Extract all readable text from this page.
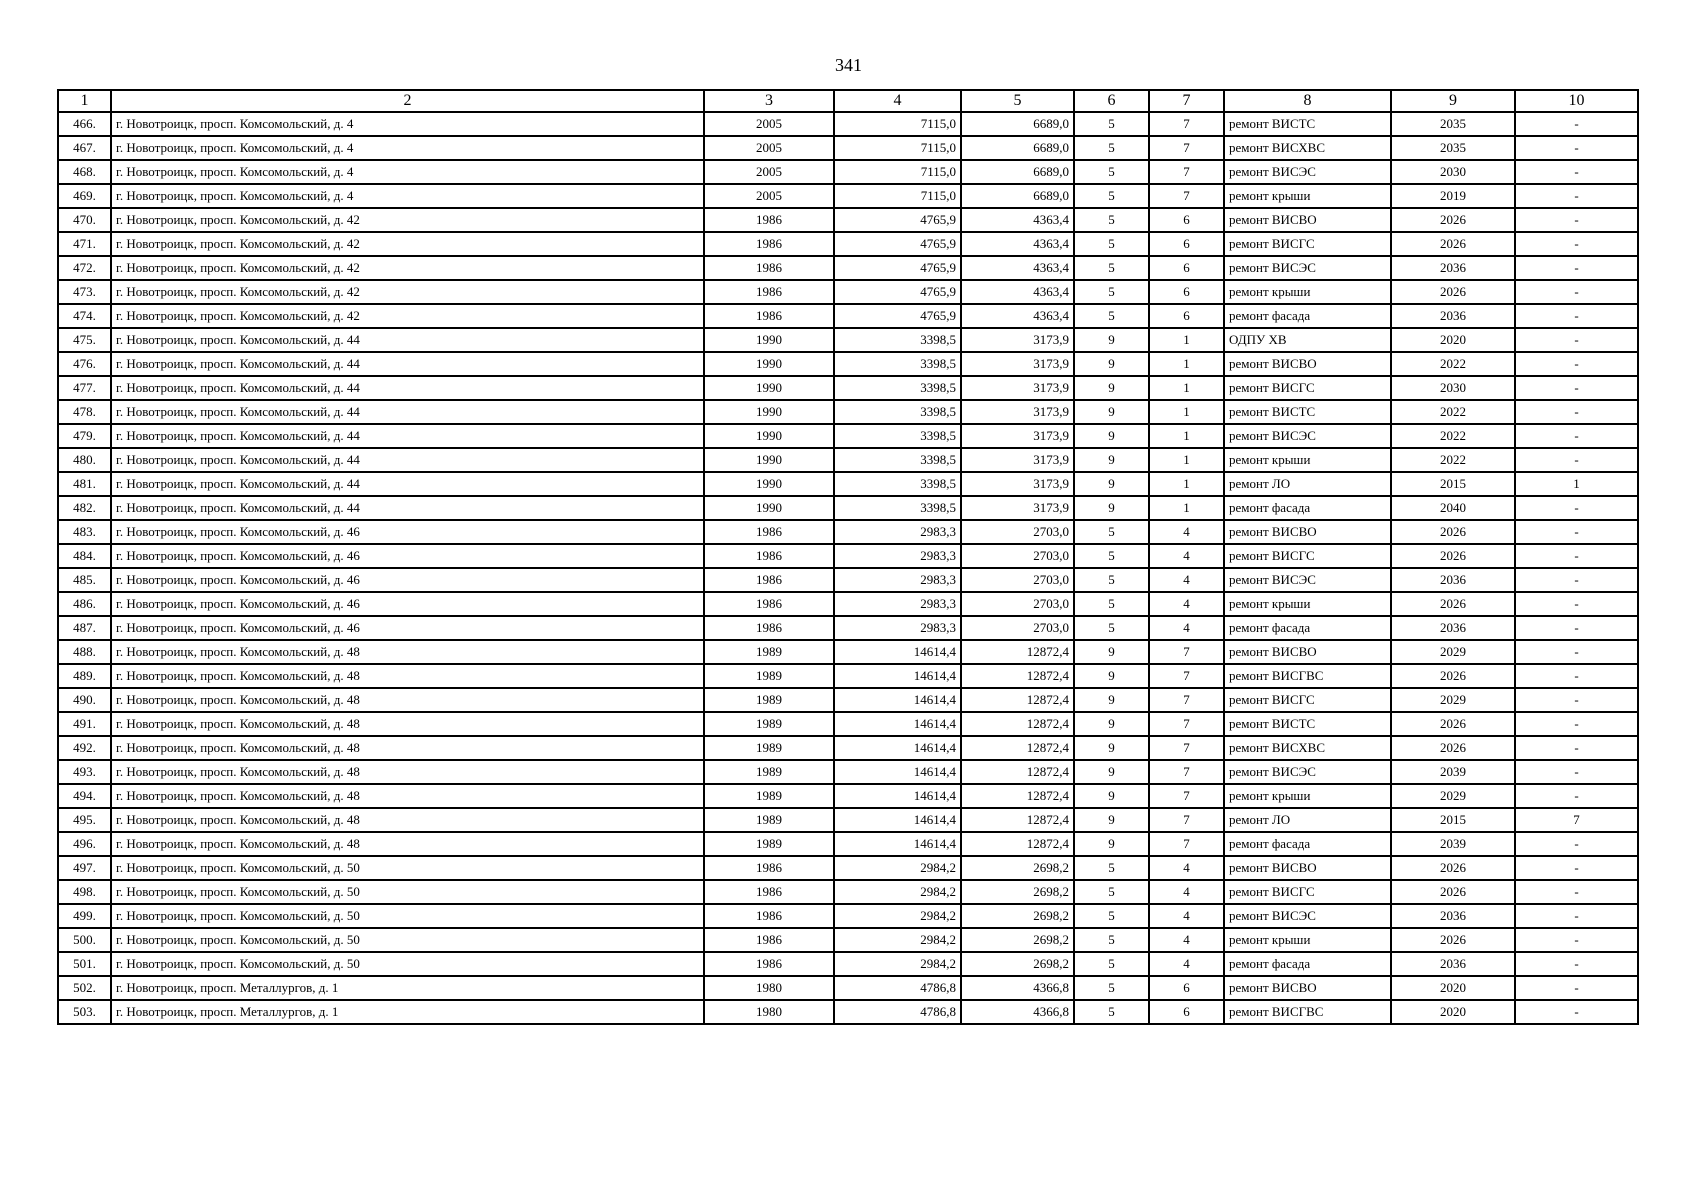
341
1	2	3	4	5	6	7	8	9	10
466.	г. Новотроицк, просп. Комсомольский, д. 4	2005	7115,0	6689,0	5	7	ремонт ВИСТС	2035	-
467.	г. Новотроицк, просп. Комсомольский, д. 4	2005	7115,0	6689,0	5	7	ремонт ВИСХВС	2035	-
468.	г. Новотроицк, просп. Комсомольский, д. 4	2005	7115,0	6689,0	5	7	ремонт ВИСЭС	2030	-
469.	г. Новотроицк, просп. Комсомольский, д. 4	2005	7115,0	6689,0	5	7	ремонт крыши	2019	-
470.	г. Новотроицк, просп. Комсомольский, д. 42	1986	4765,9	4363,4	5	6	ремонт ВИСВО	2026	-
471.	г. Новотроицк, просп. Комсомольский, д. 42	1986	4765,9	4363,4	5	6	ремонт ВИСГС	2026	-
472.	г. Новотроицк, просп. Комсомольский, д. 42	1986	4765,9	4363,4	5	6	ремонт ВИСЭС	2036	-
473.	г. Новотроицк, просп. Комсомольский, д. 42	1986	4765,9	4363,4	5	6	ремонт крыши	2026	-
474.	г. Новотроицк, просп. Комсомольский, д. 42	1986	4765,9	4363,4	5	6	ремонт фасада	2036	-
475.	г. Новотроицк, просп. Комсомольский, д. 44	1990	3398,5	3173,9	9	1	ОДПУ ХВ	2020	-
476.	г. Новотроицк, просп. Комсомольский, д. 44	1990	3398,5	3173,9	9	1	ремонт ВИСВО	2022	-
477.	г. Новотроицк, просп. Комсомольский, д. 44	1990	3398,5	3173,9	9	1	ремонт ВИСГС	2030	-
478.	г. Новотроицк, просп. Комсомольский, д. 44	1990	3398,5	3173,9	9	1	ремонт ВИСТС	2022	-
479.	г. Новотроицк, просп. Комсомольский, д. 44	1990	3398,5	3173,9	9	1	ремонт ВИСЭС	2022	-
480.	г. Новотроицк, просп. Комсомольский, д. 44	1990	3398,5	3173,9	9	1	ремонт крыши	2022	-
481.	г. Новотроицк, просп. Комсомольский, д. 44	1990	3398,5	3173,9	9	1	ремонт ЛО	2015	1
482.	г. Новотроицк, просп. Комсомольский, д. 44	1990	3398,5	3173,9	9	1	ремонт фасада	2040	-
483.	г. Новотроицк, просп. Комсомольский, д. 46	1986	2983,3	2703,0	5	4	ремонт ВИСВО	2026	-
484.	г. Новотроицк, просп. Комсомольский, д. 46	1986	2983,3	2703,0	5	4	ремонт ВИСГС	2026	-
485.	г. Новотроицк, просп. Комсомольский, д. 46	1986	2983,3	2703,0	5	4	ремонт ВИСЭС	2036	-
486.	г. Новотроицк, просп. Комсомольский, д. 46	1986	2983,3	2703,0	5	4	ремонт крыши	2026	-
487.	г. Новотроицк, просп. Комсомольский, д. 46	1986	2983,3	2703,0	5	4	ремонт фасада	2036	-
488.	г. Новотроицк, просп. Комсомольский, д. 48	1989	14614,4	12872,4	9	7	ремонт ВИСВО	2029	-
489.	г. Новотроицк, просп. Комсомольский, д. 48	1989	14614,4	12872,4	9	7	ремонт ВИСГВС	2026	-
490.	г. Новотроицк, просп. Комсомольский, д. 48	1989	14614,4	12872,4	9	7	ремонт ВИСГС	2029	-
491.	г. Новотроицк, просп. Комсомольский, д. 48	1989	14614,4	12872,4	9	7	ремонт ВИСТС	2026	-
492.	г. Новотроицк, просп. Комсомольский, д. 48	1989	14614,4	12872,4	9	7	ремонт ВИСХВС	2026	-
493.	г. Новотроицк, просп. Комсомольский, д. 48	1989	14614,4	12872,4	9	7	ремонт ВИСЭС	2039	-
494.	г. Новотроицк, просп. Комсомольский, д. 48	1989	14614,4	12872,4	9	7	ремонт крыши	2029	-
495.	г. Новотроицк, просп. Комсомольский, д. 48	1989	14614,4	12872,4	9	7	ремонт ЛО	2015	7
496.	г. Новотроицк, просп. Комсомольский, д. 48	1989	14614,4	12872,4	9	7	ремонт фасада	2039	-
497.	г. Новотроицк, просп. Комсомольский, д. 50	1986	2984,2	2698,2	5	4	ремонт ВИСВО	2026	-
498.	г. Новотроицк, просп. Комсомольский, д. 50	1986	2984,2	2698,2	5	4	ремонт ВИСГС	2026	-
499.	г. Новотроицк, просп. Комсомольский, д. 50	1986	2984,2	2698,2	5	4	ремонт ВИСЭС	2036	-
500.	г. Новотроицк, просп. Комсомольский, д. 50	1986	2984,2	2698,2	5	4	ремонт крыши	2026	-
501.	г. Новотроицк, просп. Комсомольский, д. 50	1986	2984,2	2698,2	5	4	ремонт фасада	2036	-
502.	г. Новотроицк, просп. Металлургов, д. 1	1980	4786,8	4366,8	5	6	ремонт ВИСВО	2020	-
503.	г. Новотроицк, просп. Металлургов, д. 1	1980	4786,8	4366,8	5	6	ремонт ВИСГВС	2020	-
